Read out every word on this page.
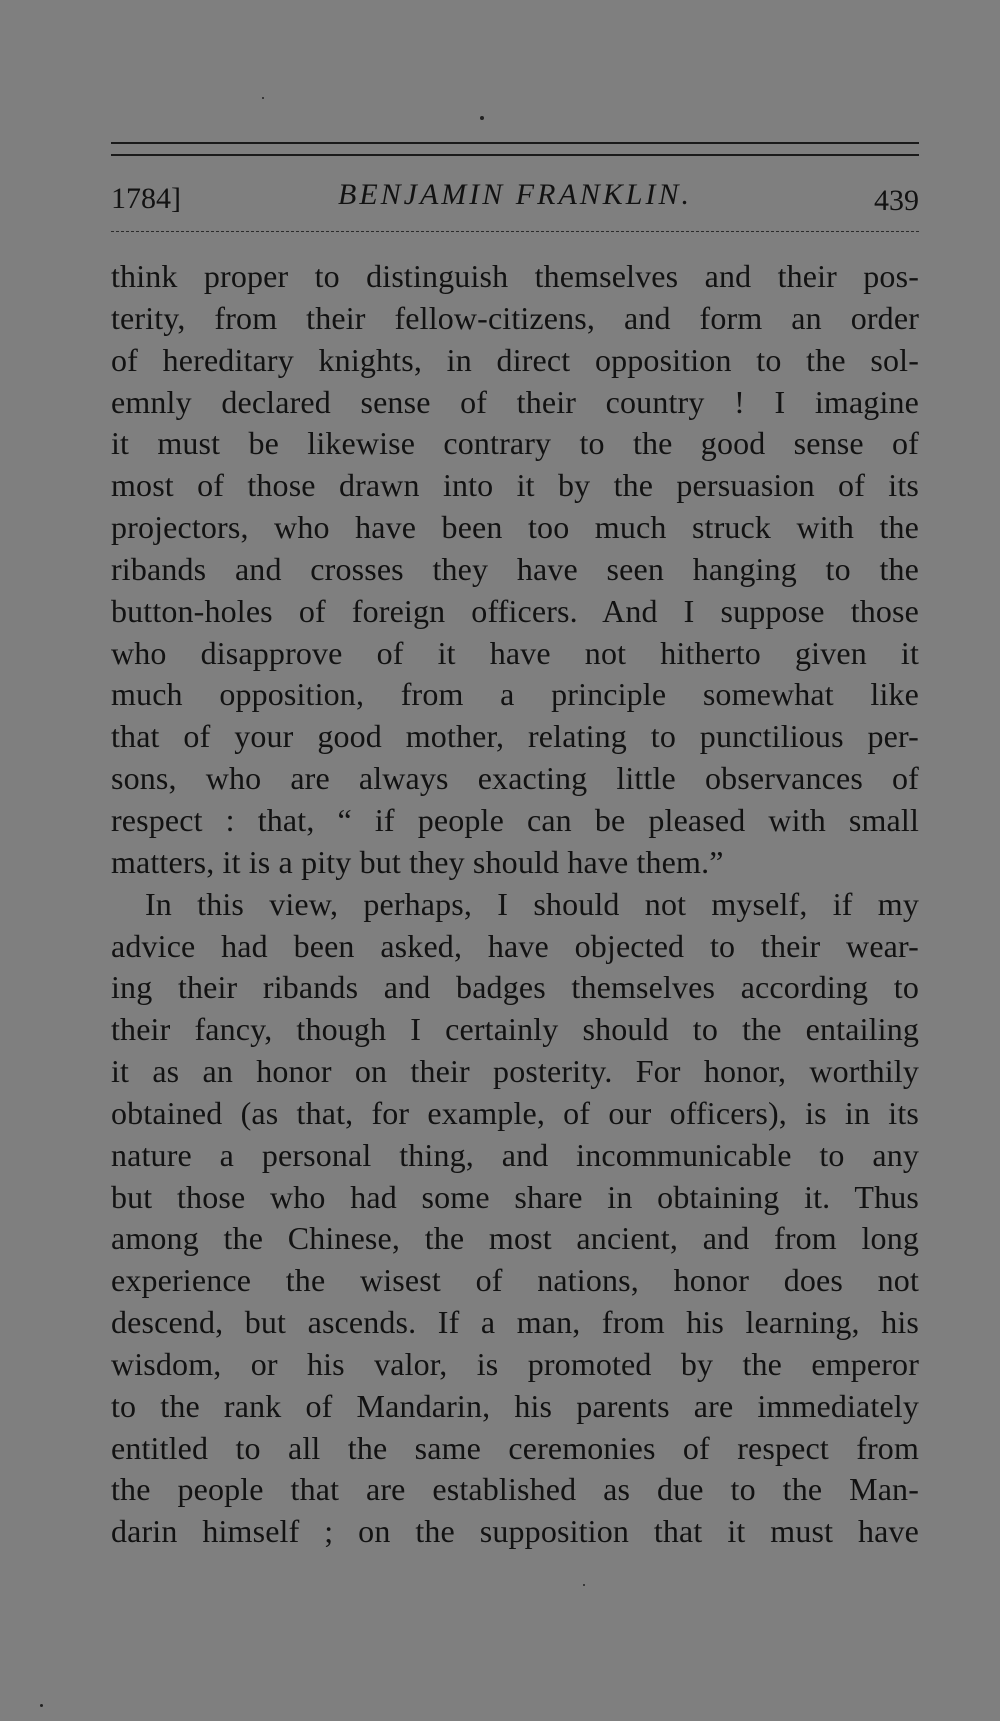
1784]	BENJAMIN FRANKLIN.	439
think proper to distinguish themselves and their pos-
terity, from their fellow-citizens, and form an order
of hereditary knights, in direct opposition to the sol-
emnly declared sense of their country ! I imagine
it must be likewise contrary to the good sense of
most of those drawn into it by the persuasion of its
projectors, who have been too much struck with the
ribands and crosses they have seen hanging to the
button-holes of foreign officers. And I suppose those
who disapprove of it have not hitherto given it
much opposition, from a principle somewhat like
that of your good mother, relating to punctilious per-
sons, who are always exacting little observances of
respect : that, “ if people can be pleased with small
matters, it is a pity but they should have them.”
In this view, perhaps, I should not myself, if my
advice had been asked, have objected to their wear-
ing their ribands and badges themselves according to
their fancy, though I certainly should to the entailing
it as an honor on their posterity. For honor, worthily
obtained (as that, for example, of our officers), is in its
nature a personal thing, and incommunicable to any
but those who had some share in obtaining it. Thus
among the Chinese, the most ancient, and from long
experience the wisest of nations, honor does not
descend, but ascends. If a man, from his learning, his
wisdom, or his valor, is promoted by the emperor
to the rank of Mandarin, his parents are immediately
entitled to all the same ceremonies of respect from
the people that are established as due to the Man-
darin himself ; on the supposition that it must have
